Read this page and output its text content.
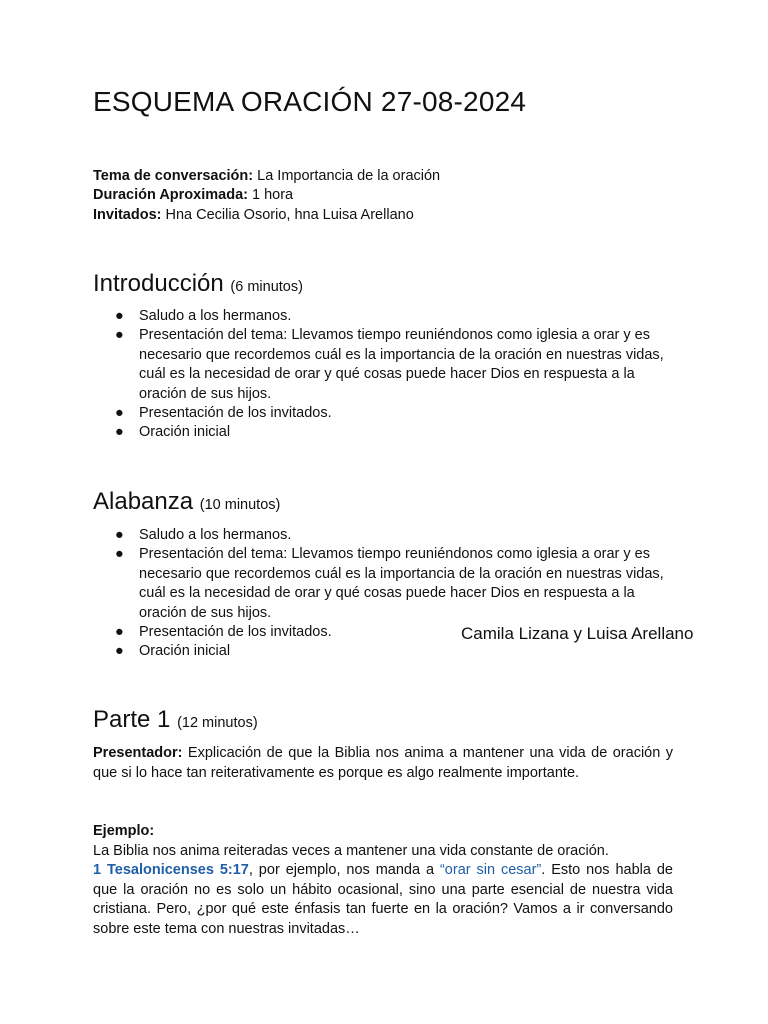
ESQUEMA ORACIÓN 27-08-2024
Tema de conversación: La Importancia de la oración
Duración Aproximada: 1 hora
Invitados: Hna Cecilia Osorio, hna Luisa Arellano
Introducción (6 minutos)
● Saludo a los hermanos.
● Presentación del tema: Llevamos tiempo reuniéndonos como iglesia a orar y es necesario que recordemos cuál es la importancia de la oración en nuestras vidas, cuál es la necesidad de orar y qué cosas puede hacer Dios en respuesta a la oración de sus hijos.
● Presentación de los invitados.
● Oración inicial
Alabanza (10 minutos)
● Saludo a los hermanos.
● Presentación del tema: Llevamos tiempo reuniéndonos como iglesia a orar y es necesario que recordemos cuál es la importancia de la oración en nuestras vidas, cuál es la necesidad de orar y qué cosas puede hacer Dios en respuesta a la oración de sus hijos.
● Presentación de los invitados.
● Oración inicial
Camila Lizana y Luisa Arellano
Parte 1 (12 minutos)

Presentador: Explicación de que la Biblia nos anima a mantener una vida de oración y que si lo hace tan reiterativamente es porque es algo realmente importante.

Ejemplo:
La Biblia nos anima reiteradas veces a mantener una vida constante de oración.
1 Tesalonicenses 5:17, por ejemplo, nos manda a “orar sin cesar”. Esto nos habla de que la oración no es solo un hábito ocasional, sino una parte esencial de nuestra vida cristiana. Pero, ¿por qué este énfasis tan fuerte en la oración? Vamos a ir conversando sobre este tema con nuestras invitadas…
